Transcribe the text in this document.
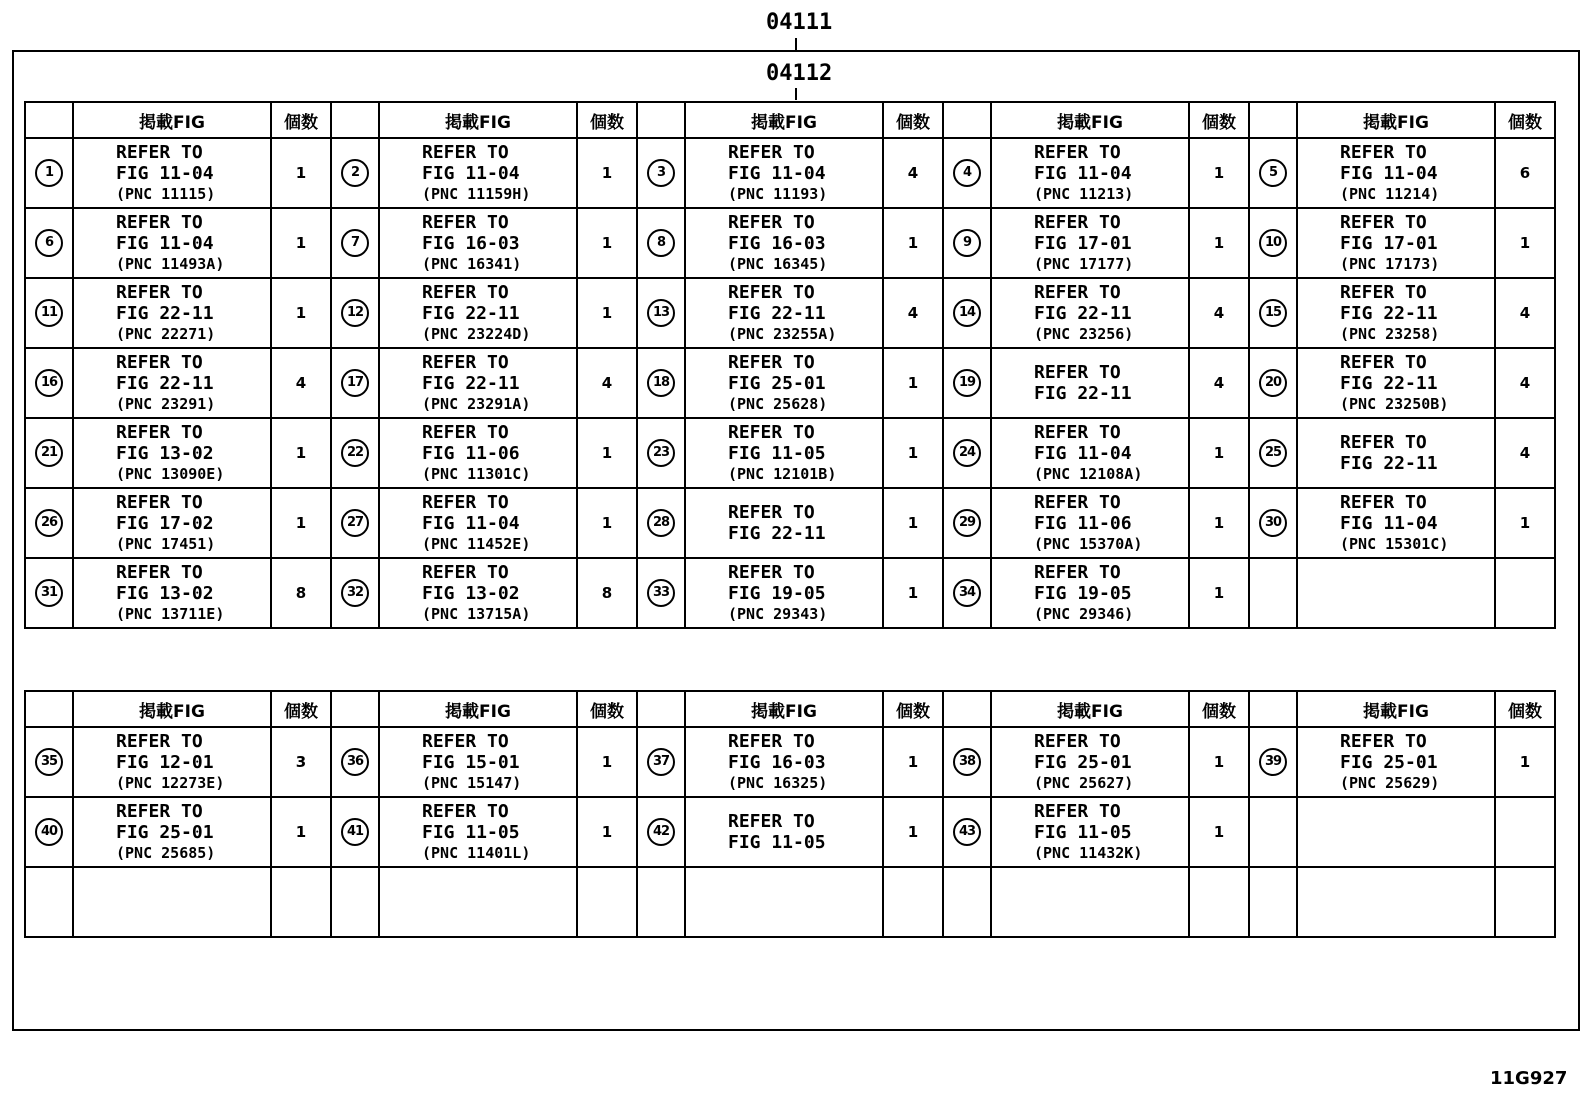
04111
04112
	掲載FIG	個数		掲載FIG	個数		掲載FIG	個数		掲載FIG	個数		掲載FIG	個数
1	REFER TO
FIG 11-04
(PNC 11115)	1	2	REFER TO
FIG 11-04
(PNC 11159H)	1	3	REFER TO
FIG 11-04
(PNC 11193)	4	4	REFER TO
FIG 11-04
(PNC 11213)	1	5	REFER TO
FIG 11-04
(PNC 11214)	6
6	REFER TO
FIG 11-04
(PNC 11493A)	1	7	REFER TO
FIG 16-03
(PNC 16341)	1	8	REFER TO
FIG 16-03
(PNC 16345)	1	9	REFER TO
FIG 17-01
(PNC 17177)	1	10	REFER TO
FIG 17-01
(PNC 17173)	1
11	REFER TO
FIG 22-11
(PNC 22271)	1	12	REFER TO
FIG 22-11
(PNC 23224D)	1	13	REFER TO
FIG 22-11
(PNC 23255A)	4	14	REFER TO
FIG 22-11
(PNC 23256)	4	15	REFER TO
FIG 22-11
(PNC 23258)	4
16	REFER TO
FIG 22-11
(PNC 23291)	4	17	REFER TO
FIG 22-11
(PNC 23291A)	4	18	REFER TO
FIG 25-01
(PNC 25628)	1	19	REFER TO
FIG 22-11	4	20	REFER TO
FIG 22-11
(PNC 23250B)	4
21	REFER TO
FIG 13-02
(PNC 13090E)	1	22	REFER TO
FIG 11-06
(PNC 11301C)	1	23	REFER TO
FIG 11-05
(PNC 12101B)	1	24	REFER TO
FIG 11-04
(PNC 12108A)	1	25	REFER TO
FIG 22-11	4
26	REFER TO
FIG 17-02
(PNC 17451)	1	27	REFER TO
FIG 11-04
(PNC 11452E)	1	28	REFER TO
FIG 22-11	1	29	REFER TO
FIG 11-06
(PNC 15370A)	1	30	REFER TO
FIG 11-04
(PNC 15301C)	1
31	REFER TO
FIG 13-02
(PNC 13711E)	8	32	REFER TO
FIG 13-02
(PNC 13715A)	8	33	REFER TO
FIG 19-05
(PNC 29343)	1	34	REFER TO
FIG 19-05
(PNC 29346)	1			
	掲載FIG	個数		掲載FIG	個数		掲載FIG	個数		掲載FIG	個数		掲載FIG	個数
35	REFER TO
FIG 12-01
(PNC 12273E)	3	36	REFER TO
FIG 15-01
(PNC 15147)	1	37	REFER TO
FIG 16-03
(PNC 16325)	1	38	REFER TO
FIG 25-01
(PNC 25627)	1	39	REFER TO
FIG 25-01
(PNC 25629)	1
40	REFER TO
FIG 25-01
(PNC 25685)	1	41	REFER TO
FIG 11-05
(PNC 11401L)	1	42	REFER TO
FIG 11-05	1	43	REFER TO
FIG 11-05
(PNC 11432K)	1			

11G927
